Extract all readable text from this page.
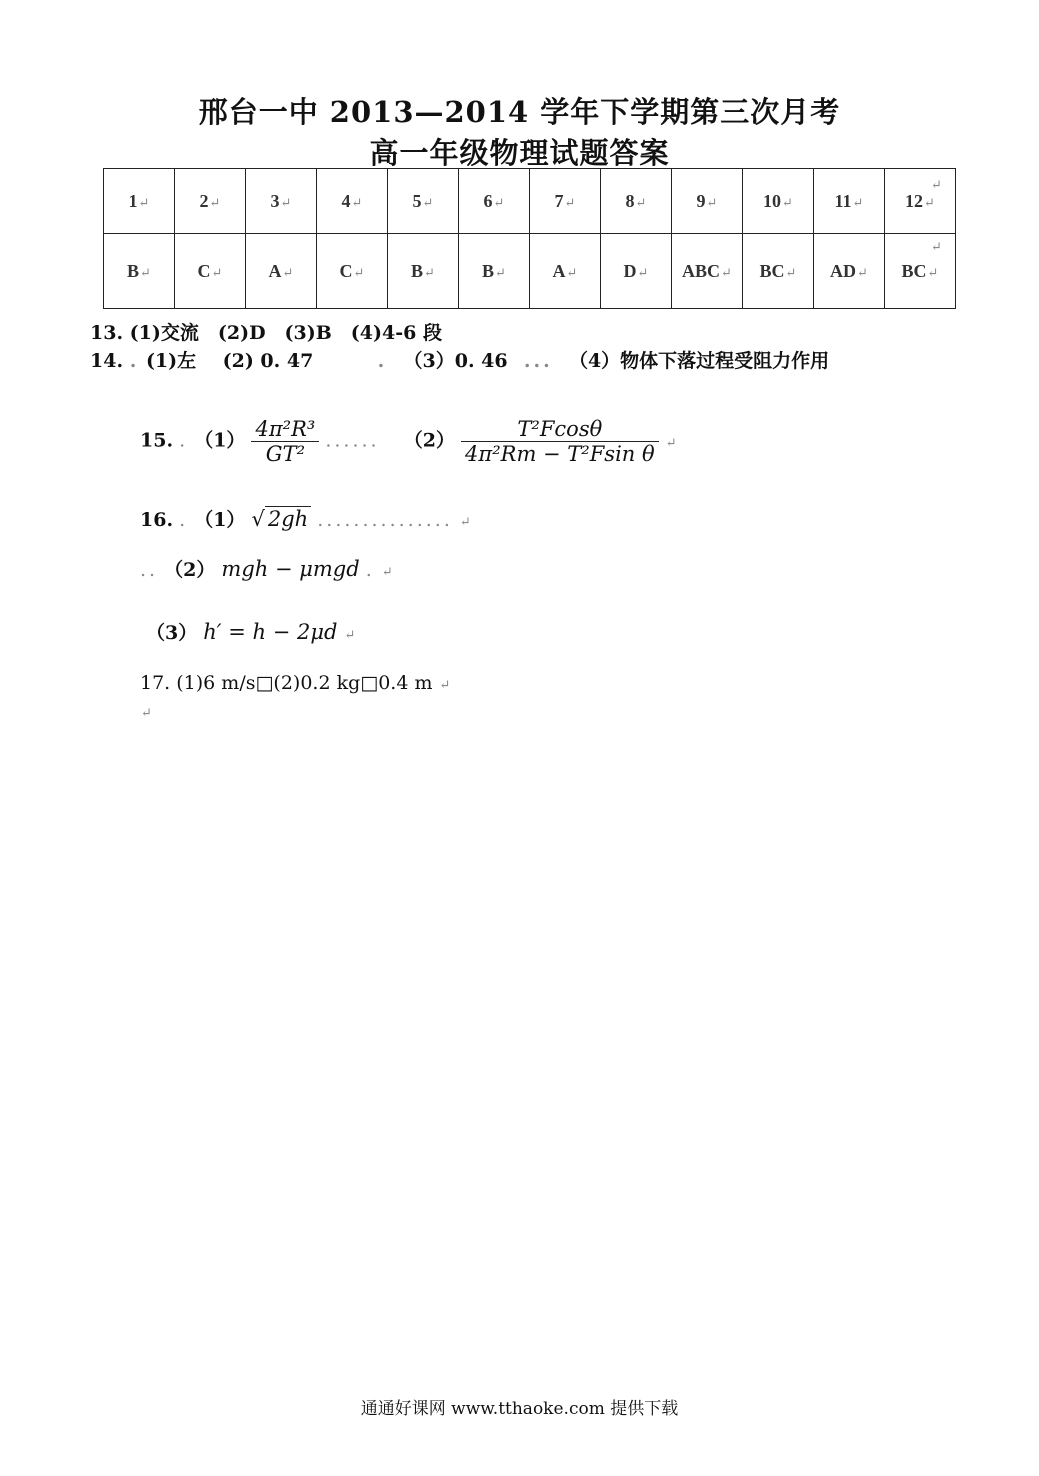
邢台一中 2013—2014 学年下学期第三次月考
高一年级物理试题答案
1↵	2↵	3↵	4↵	5↵	6↵	7↵	8↵	9↵	10↵	11↵	12↵
B↵	C↵	A↵	C↵	B↵	B↵	A↵	D↵	ABC↵	BC↵	AD↵	BC↵
↵
↵
13. (1)交流　(2)D　(3)B　(4)4-6 段
14. . (1)左 (2) 0. 47       .  （3）0. 46  ...  （4）物体下落过程受阻力作用
15. . $(1) \frac{\text{4π²R³}}{\text{GT²}}$ ...... $(2) \frac{\text{T²Fcosθ}}{\text{4π²Rm − T²Fsin θ}}$ ↵
16. . （1） √ 2gh ............... ↵
.. （2） mgh − μmgd . ↵
（3） h′ = h − 2μd ↵
17. (1)6 m/s□(2)0.2 kg□0.4 m ↵
↵
通通好课网 www.tthaoke.com 提供下载
